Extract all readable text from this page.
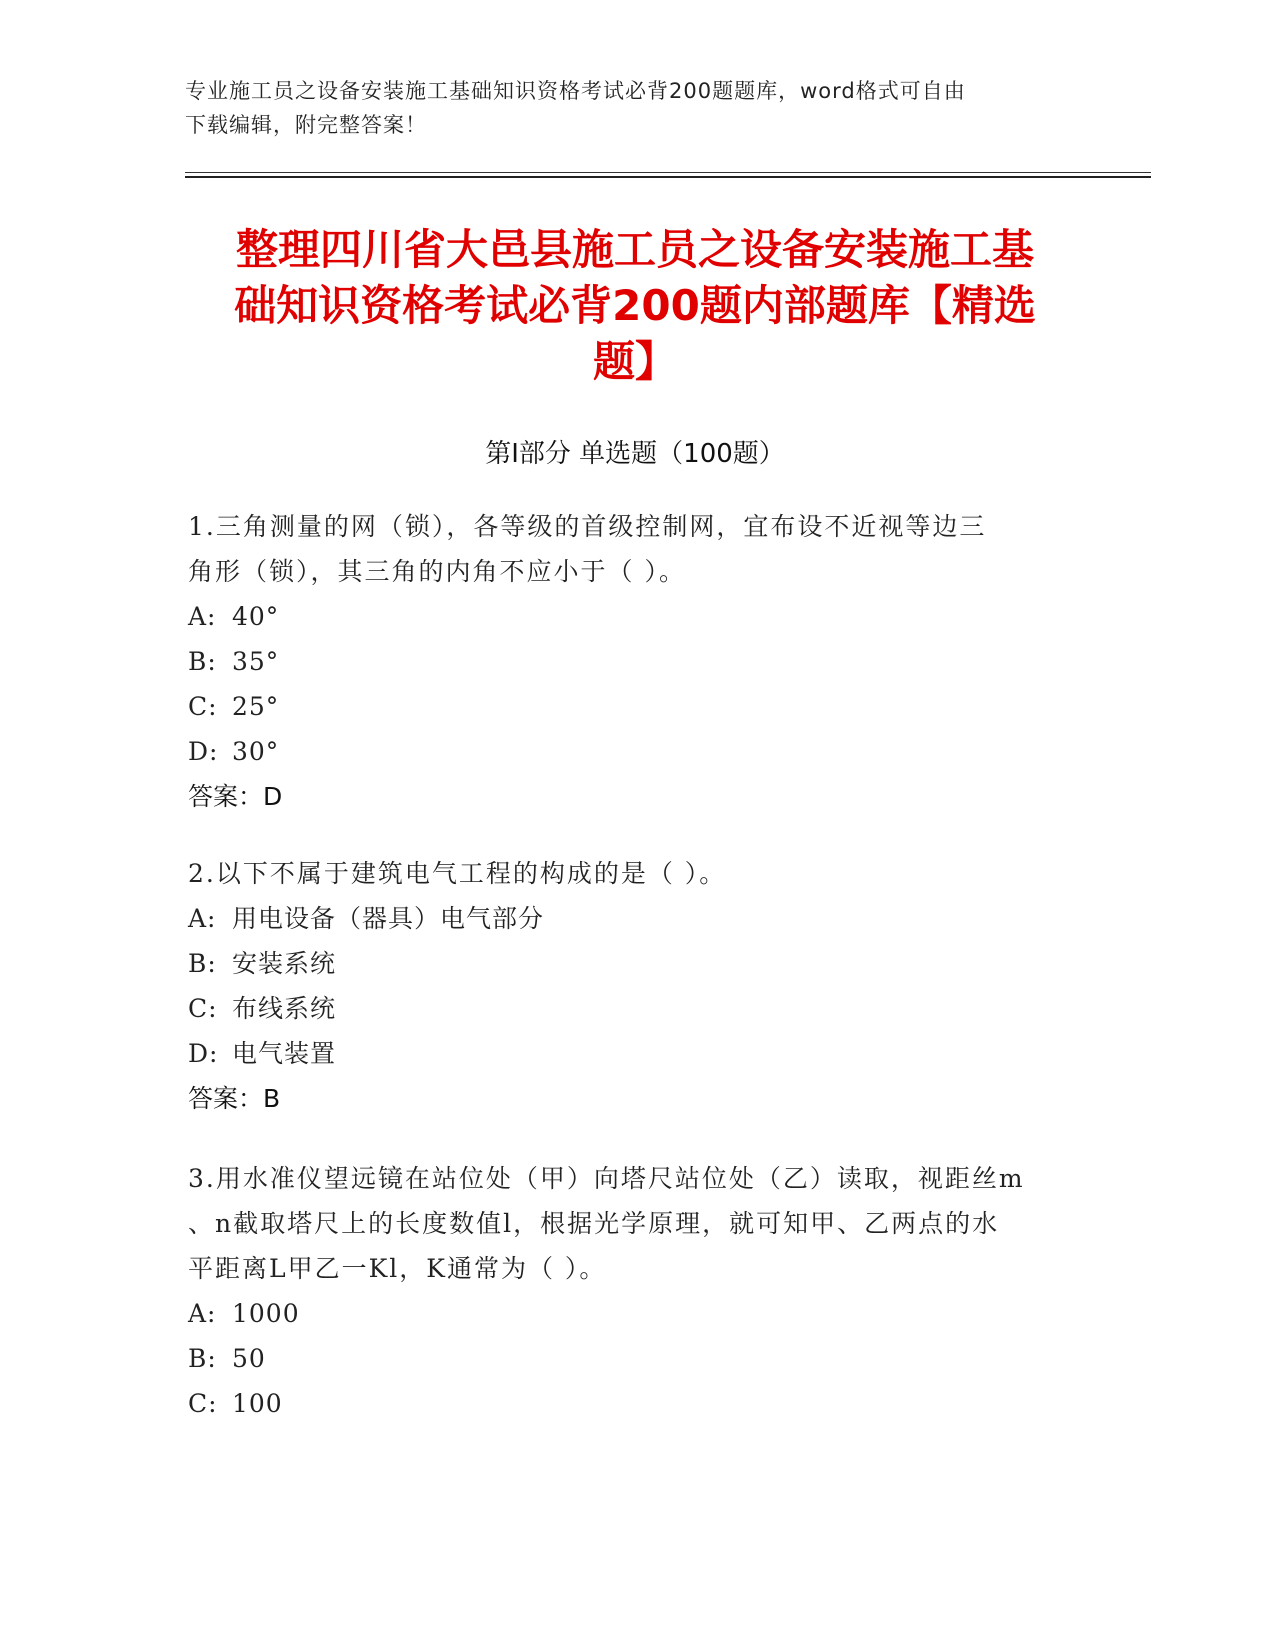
专业施工员之设备安装施工基础知识资格考试必背200题题库，word格式可自由
下载编辑，附完整答案！
整理四川省大邑县施工员之设备安装施工基
础知识资格考试必背200题内部题库【精选
题】
第I部分 单选题（100题）
1.三角测量的网（锁），各等级的首级控制网，宜布设不近视等边三
角形（锁），其三角的内角不应小于（ ）。
A: 40°
B: 35°
C: 25°
D: 30°
答案：D
2.以下不属于建筑电气工程的构成的是（ ）。
A: 用电设备（器具）电气部分
B: 安装系统
C: 布线系统
D: 电气装置
答案：B
3.用水准仪望远镜在站位处（甲）向塔尺站位处（乙）读取，视距丝m
、n截取塔尺上的长度数值l，根据光学原理，就可知甲、乙两点的水
平距离L甲乙一Kl，K通常为（ ）。
A: 1000
B: 50
C: 100
